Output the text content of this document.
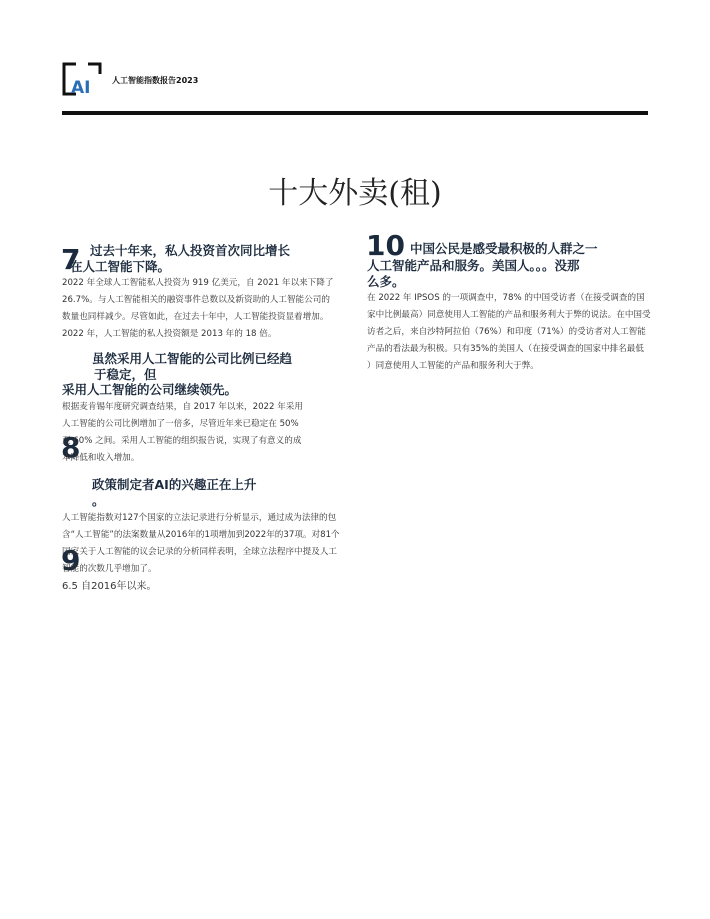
AI	人工智能指数报告2023
十大外卖(租)
7 过去十年来，私人投资首次同比增长
在人工智能下降。
2022 年全球人工智能私人投资为 919 亿美元，自 2021 年以来下降了
26.7%。与人工智能相关的融资事件总数以及新资助的人工智能公司的
数量也同样减少。尽管如此，在过去十年中，人工智能投资显着增加。
2022 年，人工智能的私人投资额是 2013 年的 18 倍。
虽然采用人工智能的公司比例已经趋
于稳定，但
采用人工智能的公司继续领先。
8
根据麦肯锡年度研究调查结果，自 2017 年以来，2022 年采用
人工智能的公司比例增加了一倍多，尽管近年来已稳定在 50%
至 60% 之间。采用人工智能的组织报告说，实现了有意义的成
本降低和收入增加。
政策制定者AI的兴趣正在上升
。
9
人工智能指数对127个国家的立法记录进行分析显示，通过成为法律的包
含“人工智能”的法案数量从2016年的1项增加到2022年的37项。对81个
国家关于人工智能的议会记录的分析同样表明，全球立法程序中提及人工
智能的次数几乎增加了。
6.5 自2016年以来。
10 中国公民是感受最积极的人群之一
人工智能产品和服务。美国人。。。没那
么多。
在 2022 年 IPSOS 的一项调查中，78% 的中国受访者（在接受调查的国
家中比例最高）同意使用人工智能的产品和服务利大于弊的说法。在中国受
访者之后，来自沙特阿拉伯（76%）和印度（71%）的受访者对人工智能
产品的看法最为积极。只有35%的美国人（在接受调查的国家中排名最低
）同意使用人工智能的产品和服务利大于弊。
